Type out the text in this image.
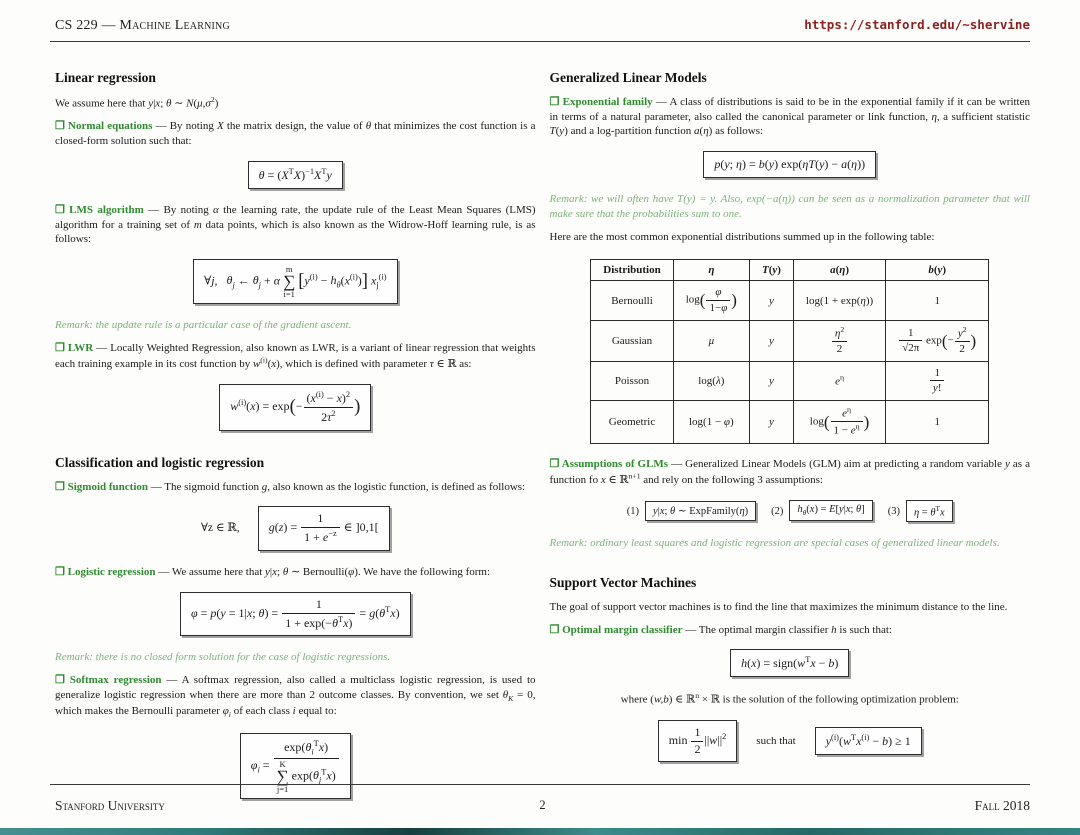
CS 229 — Machine Learning	https://stanford.edu/~shervine
Linear regression

We assume here that y|x; θ ∼ $N(\mu,\sigma^2)$

❒ Normal equations — By noting X the matrix design, the value of θ that minimizes the cost function is a closed-form solution such that:

$\theta = (X^TX)^{-1}X^Ty$

❒ LMS algorithm — By noting α the learning rate, the update rule of the Least Mean Squares (LMS) algorithm for a training set of m data points, which is also known as the Widrow-Hoff learning rule, is as follows:

∀j,   $\theta_j$ ← $\theta_j + \alpha$
m
∑
i=1
$[y^{(i)} - h_\theta(x^{(i)})]$ $x_j^{(i)}$

Remark: the update rule is a particular case of the gradient ascent.

❒ LWR — Locally Weighted Regression, also known as LWR, is a variant of linear regression that weights each training example in its cost function by $w^{(i)}(x)$, which is defined with parameter τ ∈ ℝ as:

$w^{(i)}(x) = \exp(- \frac{(x^{(i)} - x)^2}{2\tau^2}$ )
Classification and logistic regression

❒ Sigmoid function — The sigmoid function g, also known as the logistic function, is defined as follows:

∀z ∈ ℝ, $g(z) = \frac{1}{1 + e^{-z}}$ ∈ ]0,1[

❒ Logistic regression — We assume here that y|x; θ ∼ Bernoulli(φ). We have the following form:

φ = p(y = 1|x; $\theta) = \frac{1}{1 + \exp(-\theta^Tx)} = g(\theta^Tx)$

Remark: there is no closed form solution for the case of logistic regressions.

❒ Softmax regression — A softmax regression, also called a multiclass logistic regression, is used to generalize logistic regression when there are more than 2 outcome classes. By convention, we set $\theta_K = 0$, which makes the Bernoulli parameter $\varphi_i$ of each class i equal to:

$\varphi_i = \exp(\theta_i^Tx)$
K
∑
j=1
$\exp(\theta_j^Tx)$
Generalized Linear Models

❒ Exponential family — A class of distributions is said to be in the exponential family if it can be written in terms of a natural parameter, also called the canonical parameter or link function, η, a sufficient statistic T(y) and a log-partition function a(η) as follows:

p(y; η) = b(y) exp(ηT(y) − a(η))

Remark: we will often have T(y) = y. Also, exp(−a(η)) can be seen as a normalization parameter that will make sure that the probabilities sum to one.

Here are the most common exponential distributions summed up in the following table:

Distribution	η	T(y)	a(η)	b(y)
Bernoulli	$\log( \frac{\varphi}{1-\varphi}$ )	y	log(1 + exp(η))	1
Gaussian	μ	y	$\frac{\eta^2}{2}$	$\frac{1}{√2\pi} \exp(- \frac{y^2}{2}$ )
Poisson	log(λ)	y	$e^\eta$	$\frac{1}{y!}$

Geometric	log(1 − φ)	y	$\log( \frac{e^\eta}{1 - e^\eta}$ )	1

❒ Assumptions of GLMs — Generalized Linear Models (GLM) aim at predicting a random variable y as a function fo x ∈ ℝ$^{n+1}$ and rely on the following 3 assumptions:

(1) y|x; θ ∼ ExpFamily(η) (2) $h_\theta(x) = E[y|x$; θ] (3) $\eta = \theta^Tx$

Remark: ordinary least squares and logistic regression are special cases of generalized linear models.

Support Vector Machines

The goal of support vector machines is to find the line that maximizes the minimum distance to the line.

❒ Optimal margin classifier — The optimal margin classifier h is such that:

$h(x) = sign(w^Tx - b)$

where (w,b) ∈ ℝ$^n$ × ℝ is the solution of the following optimization problem:

$\min \frac{1}{2} ||w||^2$	such that	$y^{(i)}(w^Tx^{(i)} - b) \ge 1$
Stanford University	2	Fall 2018
